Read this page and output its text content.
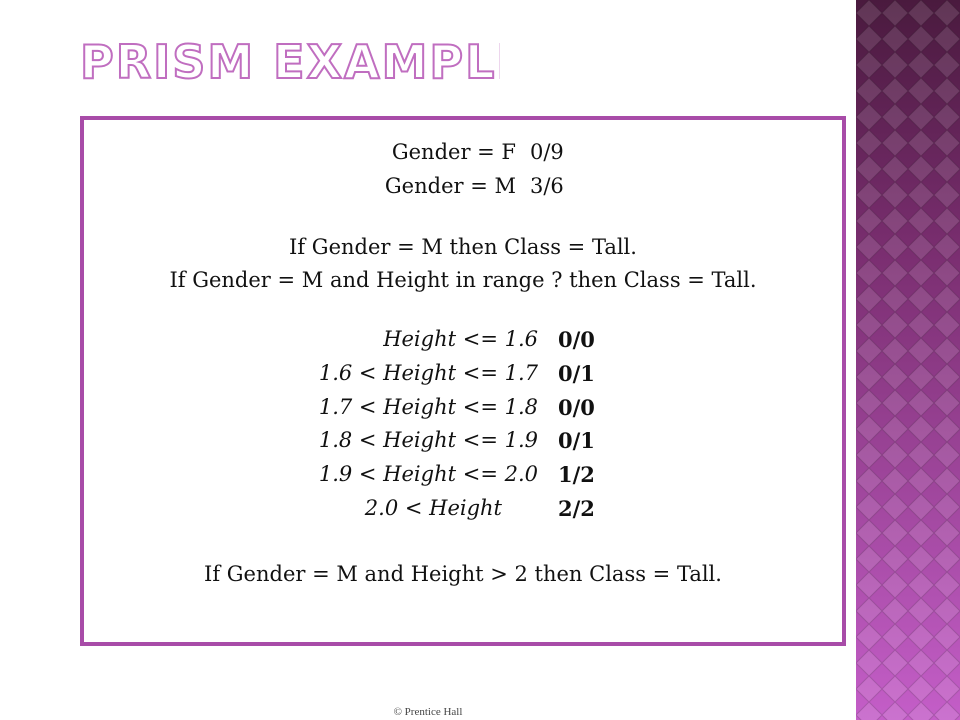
PRISM EXAMPLE
Gender = F 0/9
Gender = M 3/6
If Gender = M then Class = Tall.
If Gender = M and Height in range ? then Class = Tall.
Height <= 1.6 0/0
1.6 < Height <= 1.7 0/1
1.7 < Height <= 1.8 0/0
1.8 < Height <= 1.9 0/1
1.9 < Height <= 2.0 1/2
2.0 < Height	2/2
If Gender = M and Height > 2 then Class = Tall.
© Prentice Hall
